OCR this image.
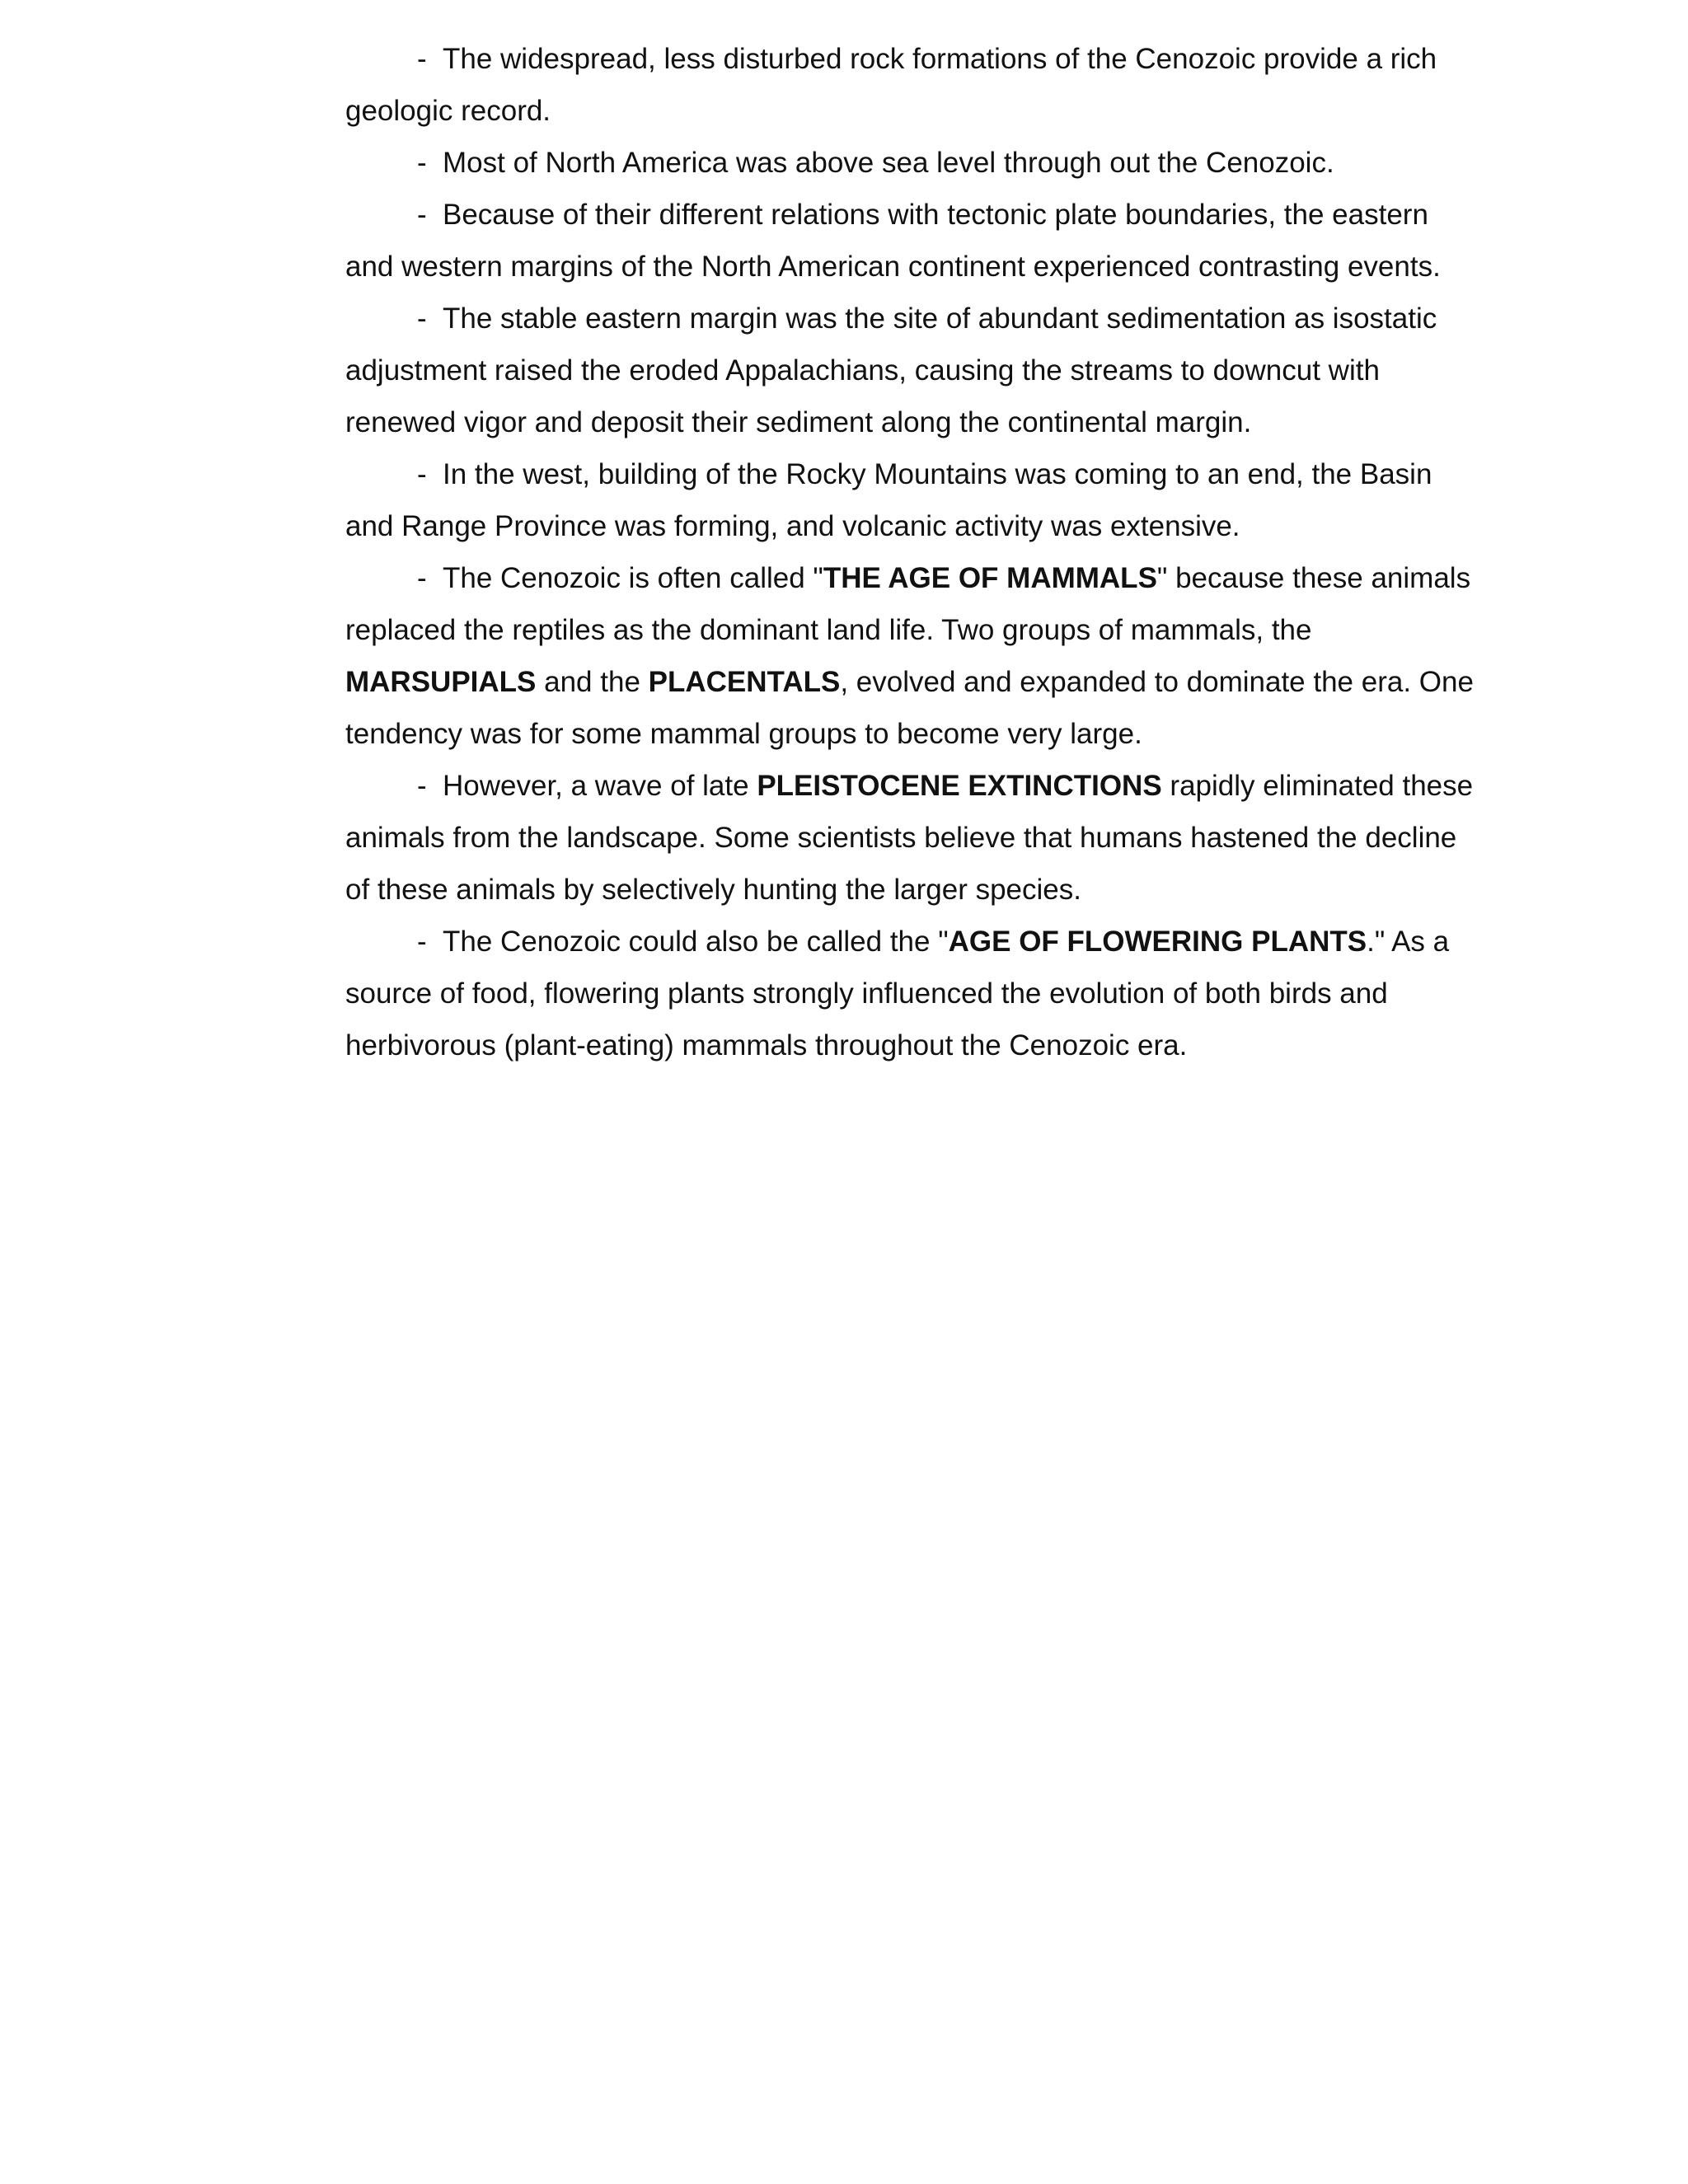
- The widespread, less disturbed rock formations of the Cenozoic provide a rich geologic record.

- Most of North America was above sea level through out the Cenozoic.

- Because of their different relations with tectonic plate boundaries, the eastern and western margins of the North American continent experienced contrasting events.

- The stable eastern margin was the site of abundant sedimentation as isostatic adjustment raised the eroded Appalachians, causing the streams to downcut with renewed vigor and deposit their sediment along the continental margin.

- In the west, building of the Rocky Mountains was coming to an end, the Basin and Range Province was forming, and volcanic activity was extensive.

- The Cenozoic is often called "THE AGE OF MAMMALS" because these animals replaced the reptiles as the dominant land life. Two groups of mammals, the MARSUPIALS and the PLACENTALS, evolved and expanded to dominate the era. One tendency was for some mammal groups to become very large.

- However, a wave of late PLEISTOCENE EXTINCTIONS rapidly eliminated these animals from the landscape. Some scientists believe that humans hastened the decline of these animals by selectively hunting the larger species.

- The Cenozoic could also be called the "AGE OF FLOWERING PLANTS." As a source of food, flowering plants strongly influenced the evolution of both birds and herbivorous (plant-eating) mammals throughout the Cenozoic era.
